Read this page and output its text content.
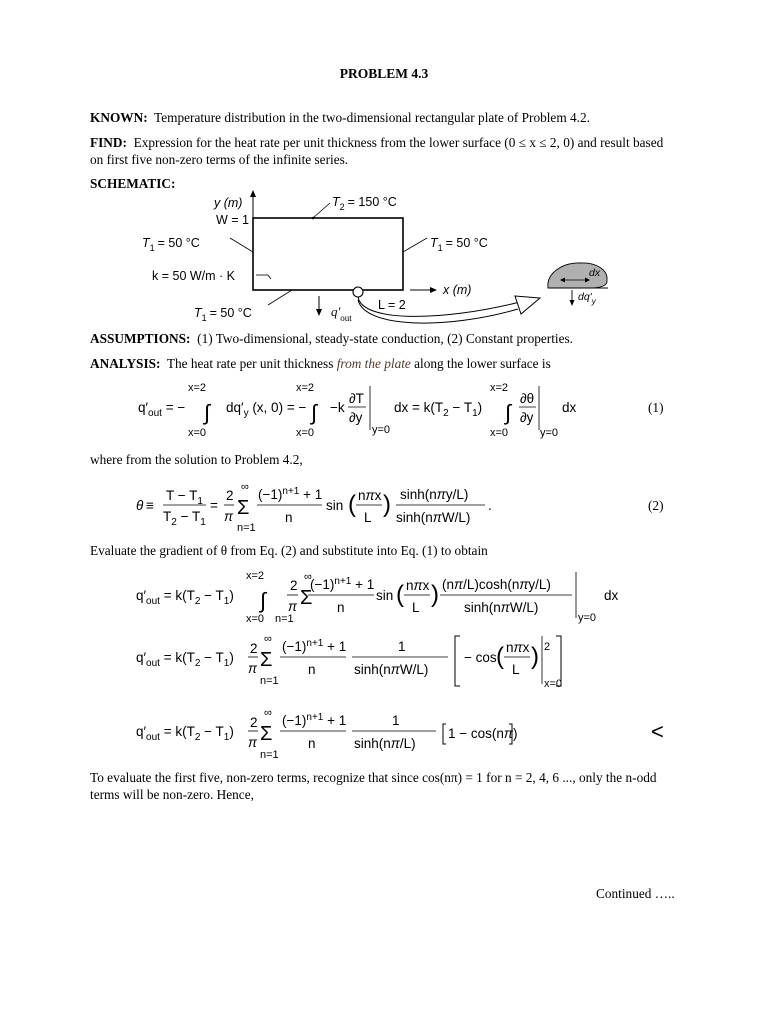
PROBLEM 4.3
KNOWN: Temperature distribution in the two-dimensional rectangular plate of Problem 4.2.
FIND: Expression for the heat rate per unit thickness from the lower surface (0 ≤ x ≤ 2, 0) and result based on first five non-zero terms of the infinite series.
SCHEMATIC:
y (m)
W = 1
$T_2 = 150$ °C
$T_1 = 50$ °C	$T_1 = 50$ °C
k = 50 W/m · K
x (m)
$T_1 = 50$ °C	$q'_{out}$
L = 2
dx
$dq'_y$
ASSUMPTIONS: (1) Two-dimensional, steady-state conduction, (2) Constant properties.
ANALYSIS: The heat rate per unit thickness from the plate along the lower surface is
$q'_{out}$ = −
x=2
∫
x=0
$dq'_y$ (x, 0) = −
x=2
∫
x=0
−k
∂T
∂y
y=0
dx = $k(T_2 - T_1)$
x=2
∫
x=0
∂θ
∂y
y=0
dx	(1)
where from the solution to Problem 4.2,
θ ≡
$T - T_1$
$T_2 - T_1$
=
2
π
∞
Σ
n=1
$(-1)^{n+1} + 1$
n
sin ( nπx
L ) sinh(nπy/L)
sinh(nπW/L)
.	(2)
Evaluate the gradient of θ from Eq. (2) and substitute into Eq. (1) to obtain
$q'_{out} = k(T_2 - T_1)$
x=2
∫
x=0
2
π
∞
Σ
n=1
$(-1)^{n+1} + 1$
n
sin ( nπx
L ) (nπ/L)cosh(nπy/L)
sinh(nπW/L)
y=0
dx
$q'_{out} = k(T_2 - T_1)$
2
π
∞
Σ
n=1
$(-1)^{n+1} + 1$
n
1
sinh(nπW/L)
− cos ( nπx
L ) 2
x=0
$q'_{out} = k(T_2 - T_1)$
2
π
∞
Σ
n=1
$(-1)^{n+1} + 1$
n
1
sinh(nπ/L)
1 − cos(nπ)	<
To evaluate the first five, non-zero terms, recognize that since cos(nπ) = 1 for n = 2, 4, 6 ..., only the n-odd terms will be non-zero. Hence,
Continued …..
